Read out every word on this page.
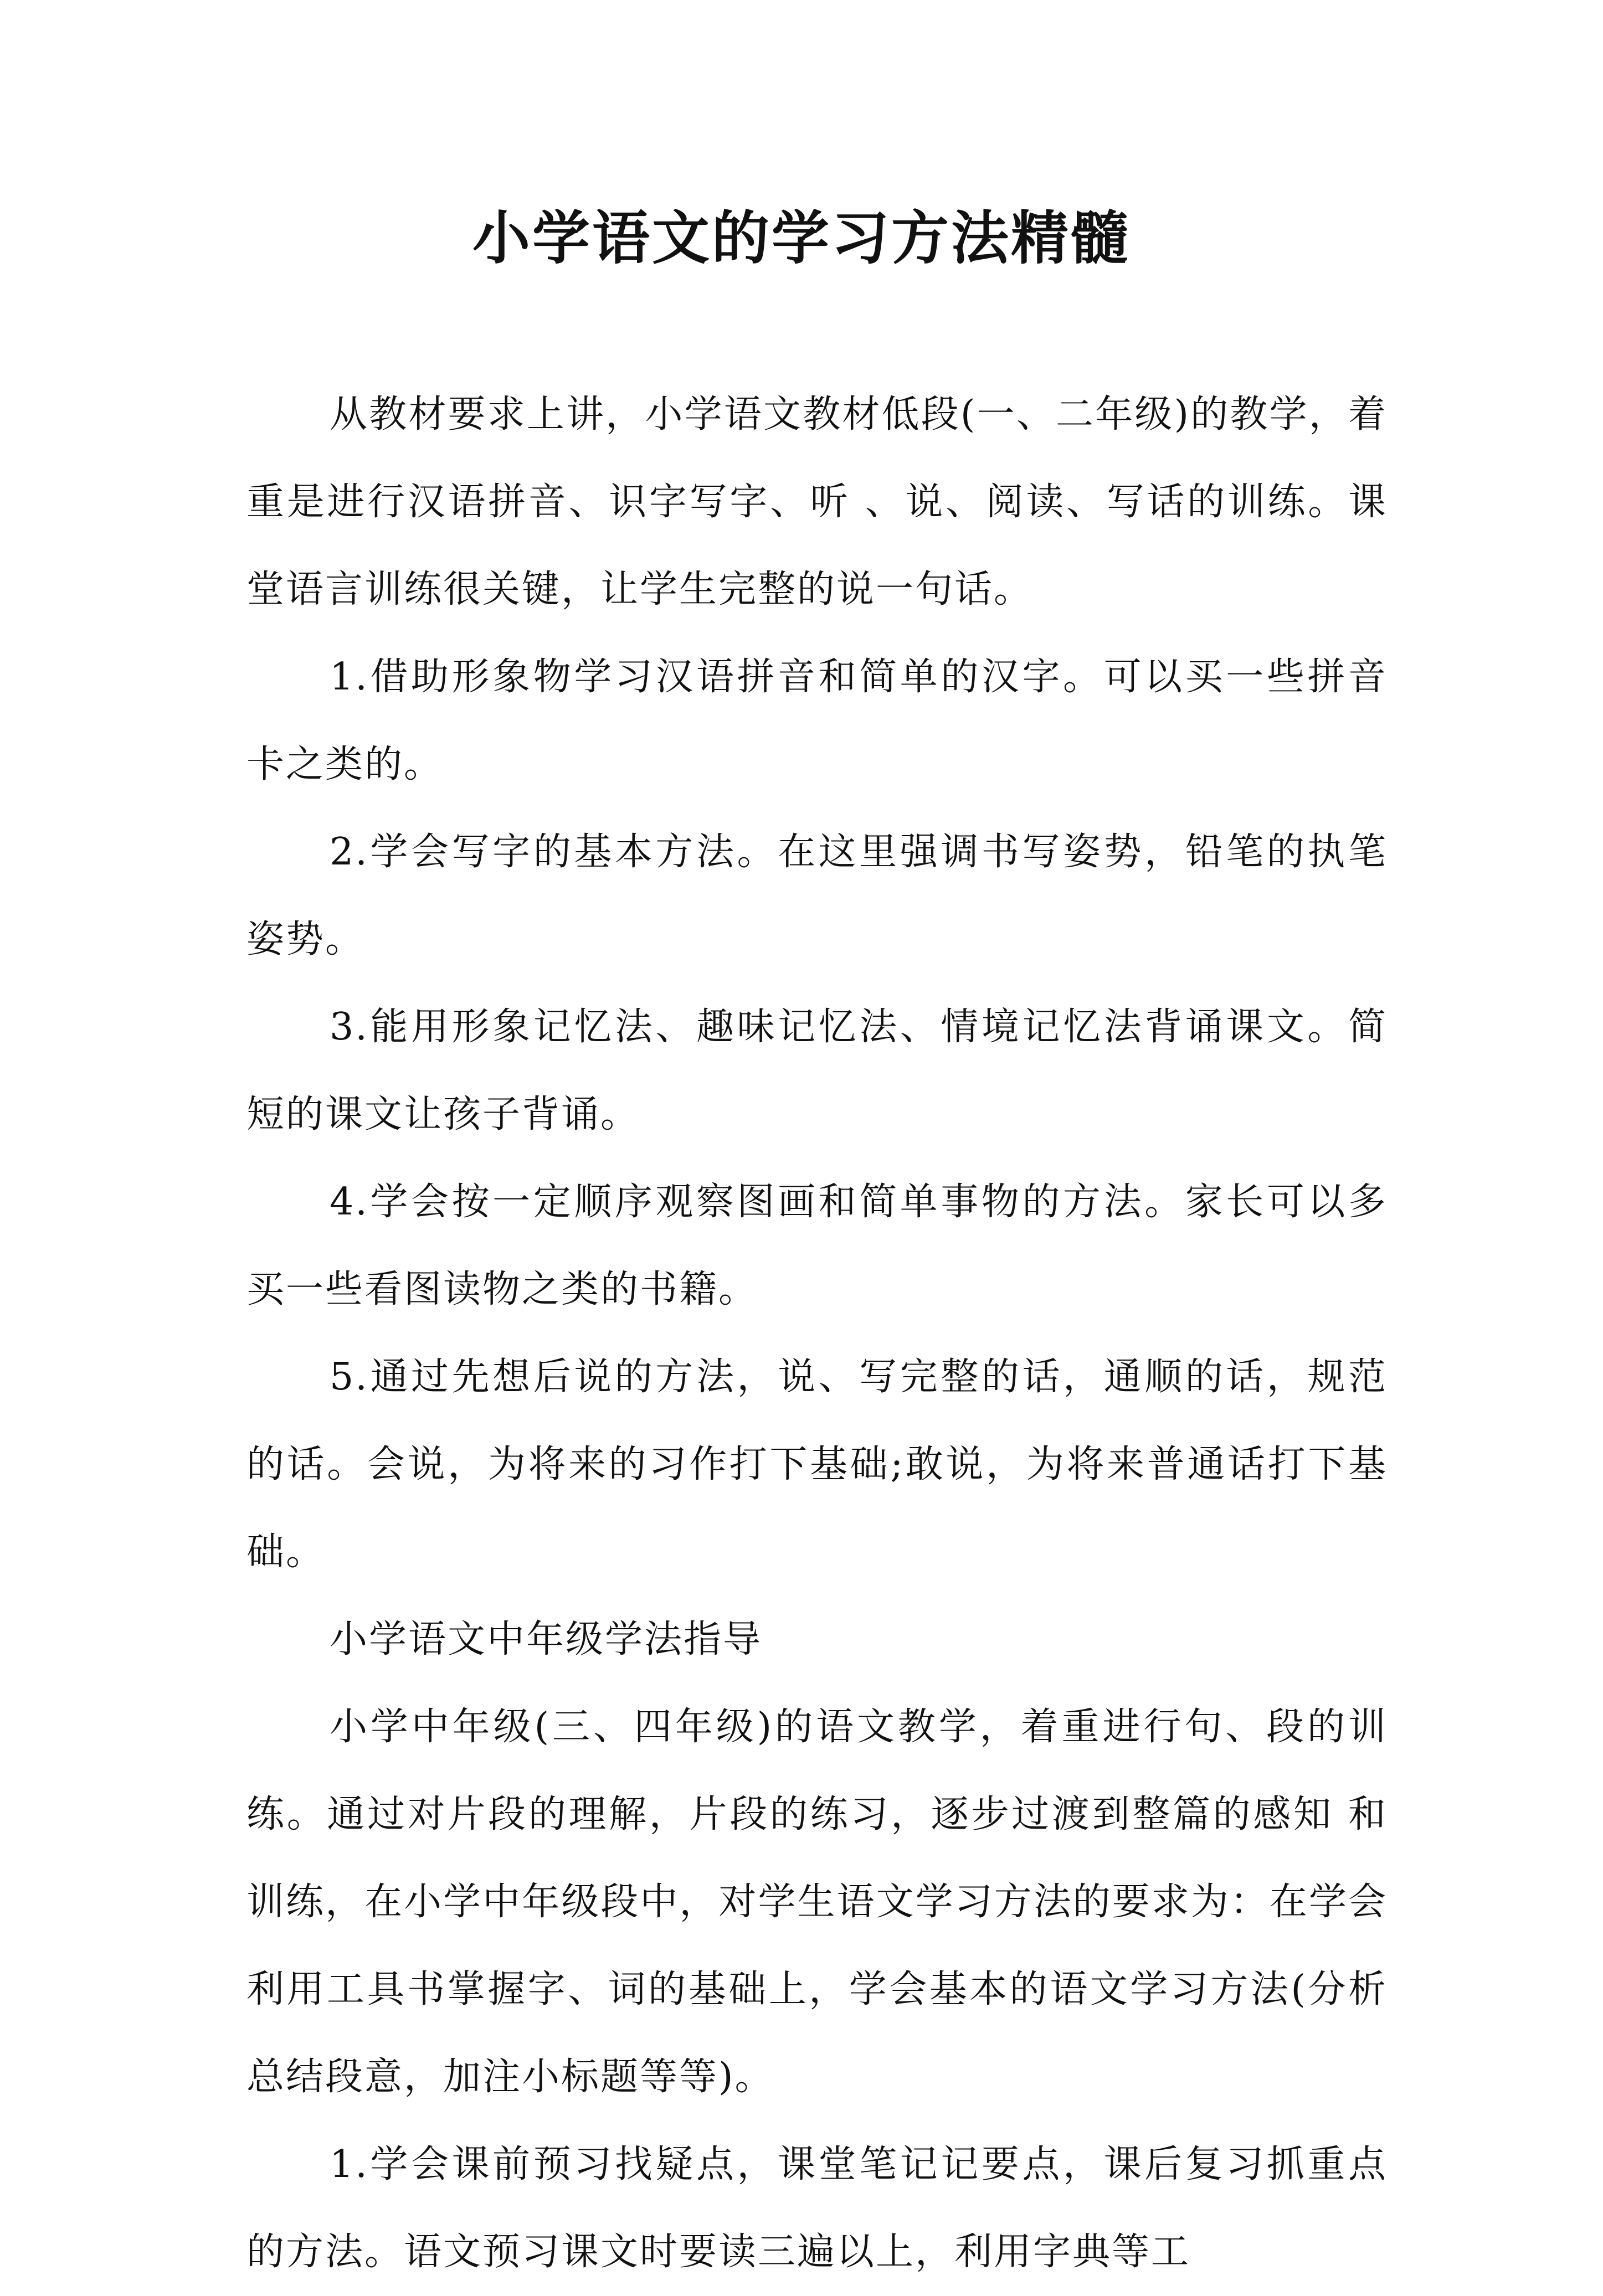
小学语文的学习方法精髓

从教材要求上讲，小学语文教材低段(一、二年级)的教学，着重是进行汉语拼音、识字写字、听 、说、阅读、写话的训练。课堂语言训练很关键，让学生完整的说一句话。

1.借助形象物学习汉语拼音和简单的汉字。可以买一些拼音卡之类的。

2.学会写字的基本方法。在这里强调书写姿势，铅笔的执笔姿势。

3.能用形象记忆法、趣味记忆法、情境记忆法背诵课文。简短的课文让孩子背诵。

4.学会按一定顺序观察图画和简单事物的方法。家长可以多买一些看图读物之类的书籍。

5.通过先想后说的方法，说、写完整的话，通顺的话，规范的话。会说，为将来的习作打下基础;敢说，为将来普通话打下基础。

小学语文中年级学法指导

小学中年级(三、四年级)的语文教学，着重进行句、段的训练。通过对片段的理解，片段的练习，逐步过渡到整篇的感知 和训练，在小学中年级段中，对学生语文学习方法的要求为：在学会利用工具书掌握字、词的基础上，学会基本的语文学习方法(分析总结段意，加注小标题等等)。

1.学会课前预习找疑点，课堂笔记记要点，课后复习抓重点的方法。语文预习课文时要读三遍以上，利用字典等工
